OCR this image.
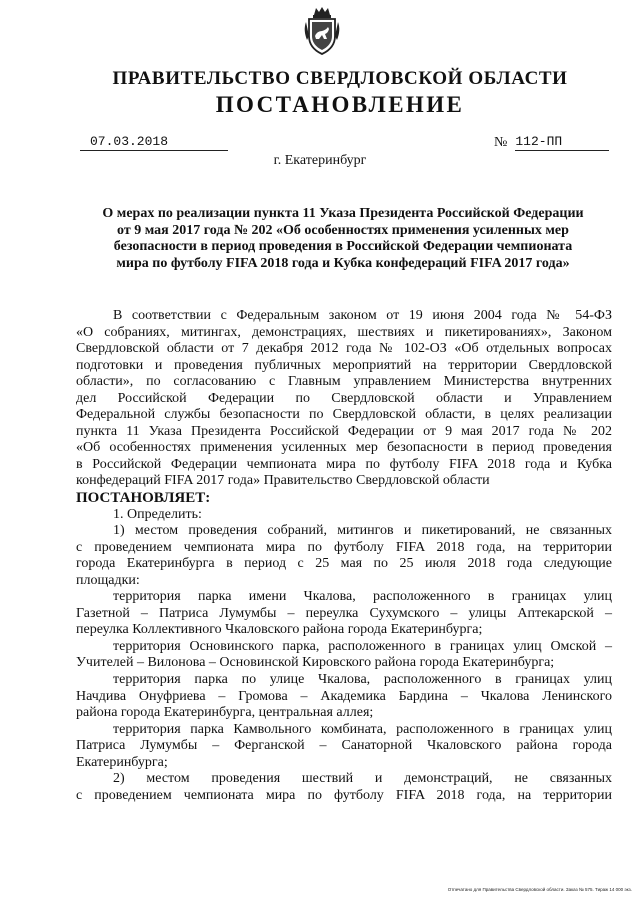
ПРАВИТЕЛЬСТВО СВЕРДЛОВСКОЙ ОБЛАСТИ
ПОСТАНОВЛЕНИЕ
07.03.2018	№ 112-ПП
г. Екатеринбург
О мерах по реализации пункта 11 Указа Президента Российской Федерации
от 9 мая 2017 года № 202 «Об особенностях применения усиленных мер
безопасности в период проведения в Российской Федерации чемпионата
мира по футболу FIFA 2018 года и Кубка конфедераций FIFA 2017 года»
В соответствии с Федеральным законом от 19 июня 2004 года № 54-ФЗ
«О собраниях, митингах, демонстрациях, шествиях и пикетированиях», Законом
Свердловской области от 7 декабря 2012 года № 102-ОЗ «Об отдельных вопросах
подготовки и проведения публичных мероприятий на территории Свердловской
области», по согласованию с Главным управлением Министерства внутренних
дел Российской Федерации по Свердловской области и Управлением
Федеральной службы безопасности по Свердловской области, в целях реализации
пункта 11 Указа Президента Российской Федерации от 9 мая 2017 года № 202
«Об особенностях применения усиленных мер безопасности в период проведения
в Российской Федерации чемпионата мира по футболу FIFA 2018 года и Кубка
конфедераций FIFA 2017 года» Правительство Свердловской области
ПОСТАНОВЛЯЕТ:
1. Определить:
1) местом проведения собраний, митингов и пикетирований, не связанных
с проведением чемпионата мира по футболу FIFA 2018 года, на территории
города Екатеринбурга в период с 25 мая по 25 июля 2018 года следующие
площадки:
территория парка имени Чкалова, расположенного в границах улиц
Газетной – Патриса Лумумбы – переулка Сухумского – улицы Аптекарской –
переулка Коллективного Чкаловского района города Екатеринбурга;
территория Основинского парка, расположенного в границах улиц Омской –
Учителей – Вилонова – Основинской Кировского района города Екатеринбурга;
территория парка по улице Чкалова, расположенного в границах улиц
Начдива Онуфриева – Громова – Академика Бардина – Чкалова Ленинского
района города Екатеринбурга, центральная аллея;
территория парка Камвольного комбината, расположенного в границах улиц
Патриса Лумумбы – Ферганской – Санаторной Чкаловского района города
Екатеринбурга;
2) местом проведения шествий и демонстраций, не связанных
с проведением чемпионата мира по футболу FIFA 2018 года, на территории
Отпечатано для Правительства Свердловской области. Заказ № 575. Тираж 14 000 экз.
